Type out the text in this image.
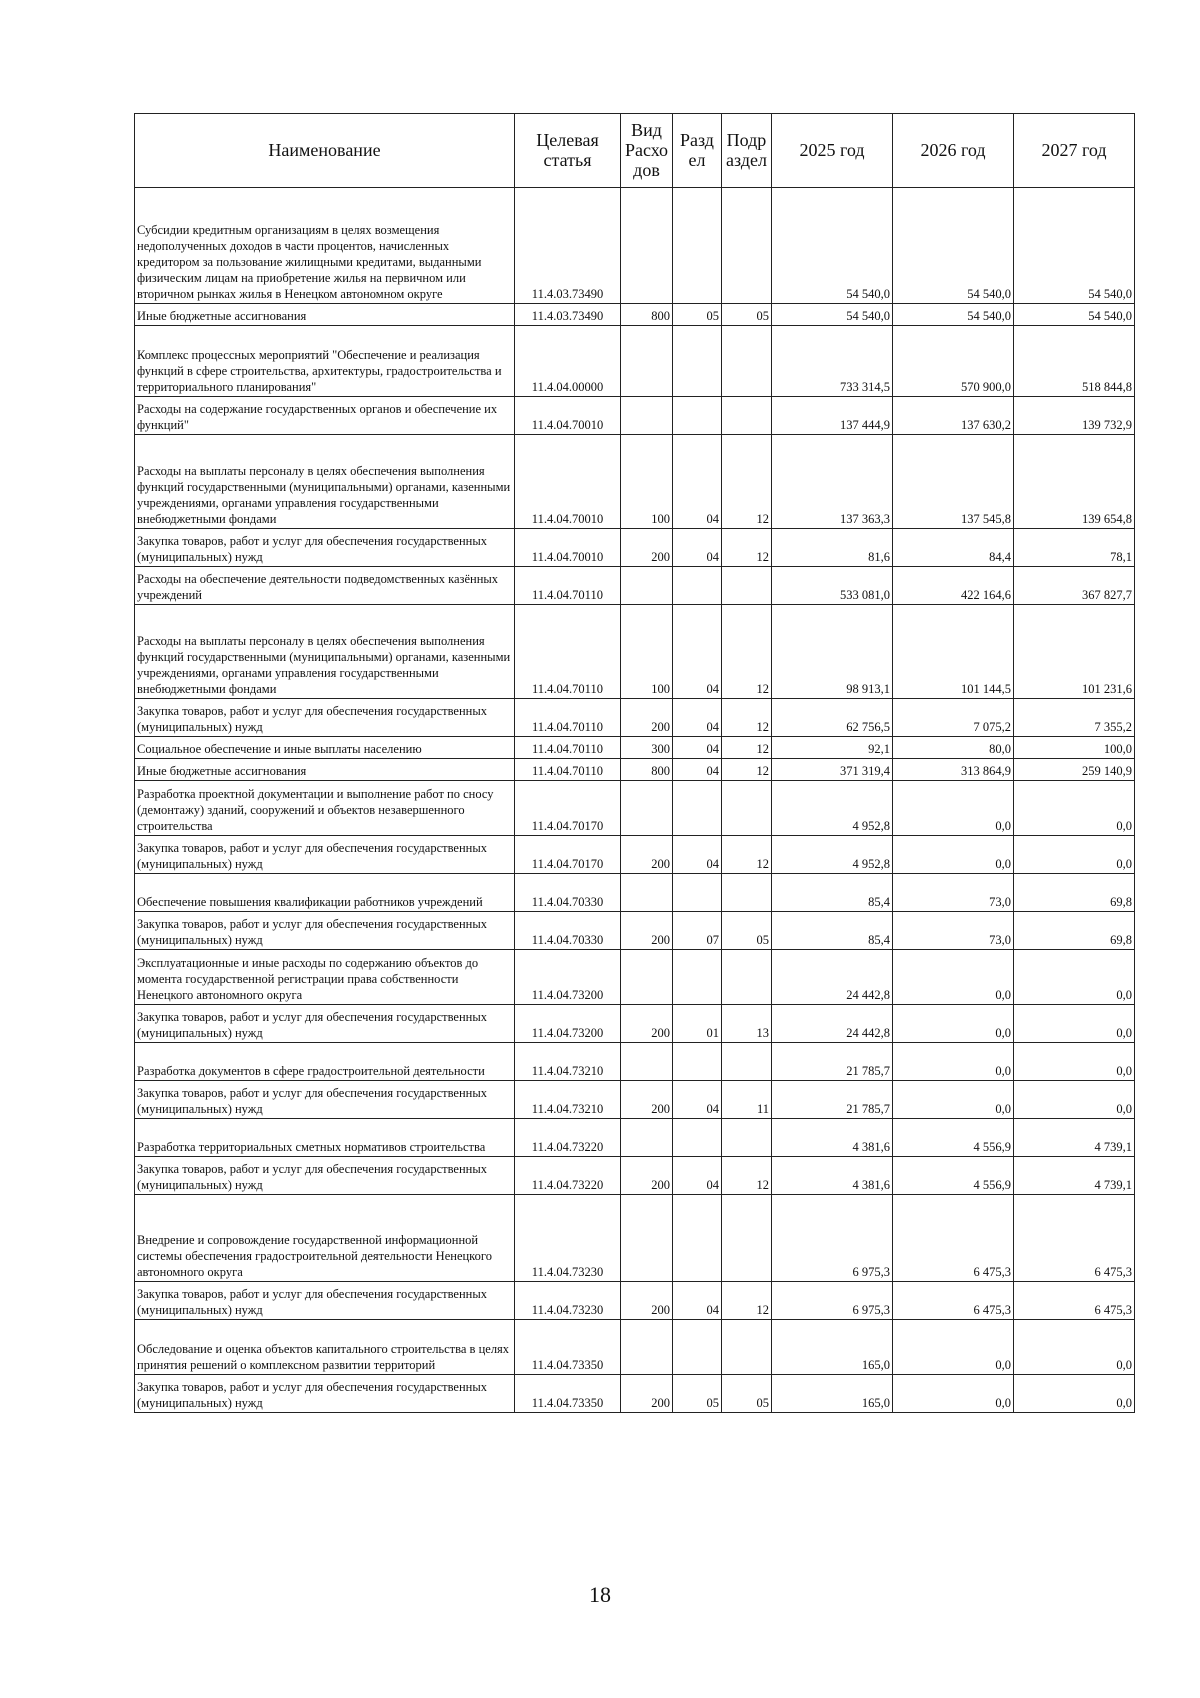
Наименование	Целевая статья	Вид Расхо дов	Разд ел	Подр аздел	2025 год	2026 год	2027 год
Субсидии кредитным организациям в целях возмещения недополученных доходов в части процентов, начисленных кредитором за пользование жилищными кредитами, выданными физическим лицам на приобретение жилья на первичном или вторичном рынках жилья в Ненецком автономном округе	11.4.03.73490				54 540,0	54 540,0	54 540,0
Иные бюджетные ассигнования	11.4.03.73490	800	05	05	54 540,0	54 540,0	54 540,0
Комплекс процессных мероприятий "Обеспечение и реализация функций в сфере строительства, архитектуры, градостроительства и территориального планирования"	11.4.04.00000				733 314,5	570 900,0	518 844,8
Расходы на содержание государственных органов и обеспечение их функций"	11.4.04.70010				137 444,9	137 630,2	139 732,9
Расходы на выплаты персоналу в целях обеспечения выполнения функций государственными (муниципальными) органами, казенными учреждениями, органами управления государственными внебюджетными фондами	11.4.04.70010	100	04	12	137 363,3	137 545,8	139 654,8
Закупка товаров, работ и услуг для обеспечения государственных (муниципальных) нужд	11.4.04.70010	200	04	12	81,6	84,4	78,1
Расходы на обеспечение деятельности подведомственных казённых учреждений	11.4.04.70110				533 081,0	422 164,6	367 827,7
Расходы на выплаты персоналу в целях обеспечения выполнения функций государственными (муниципальными) органами, казенными учреждениями, органами управления государственными внебюджетными фондами	11.4.04.70110	100	04	12	98 913,1	101 144,5	101 231,6
Закупка товаров, работ и услуг для обеспечения государственных (муниципальных) нужд	11.4.04.70110	200	04	12	62 756,5	7 075,2	7 355,2
Социальное обеспечение и иные выплаты населению	11.4.04.70110	300	04	12	92,1	80,0	100,0
Иные бюджетные ассигнования	11.4.04.70110	800	04	12	371 319,4	313 864,9	259 140,9
Разработка проектной документации и выполнение работ по сносу (демонтажу) зданий, сооружений и объектов незавершенного строительства	11.4.04.70170				4 952,8	0,0	0,0
Закупка товаров, работ и услуг для обеспечения государственных (муниципальных) нужд	11.4.04.70170	200	04	12	4 952,8	0,0	0,0
Обеспечение повышения квалификации работников учреждений	11.4.04.70330				85,4	73,0	69,8
Закупка товаров, работ и услуг для обеспечения государственных (муниципальных) нужд	11.4.04.70330	200	07	05	85,4	73,0	69,8
Эксплуатационные и иные расходы по содержанию объектов до момента государственной регистрации права собственности Ненецкого автономного округа	11.4.04.73200				24 442,8	0,0	0,0
Закупка товаров, работ и услуг для обеспечения государственных (муниципальных) нужд	11.4.04.73200	200	01	13	24 442,8	0,0	0,0
Разработка документов в сфере градостроительной деятельности	11.4.04.73210				21 785,7	0,0	0,0
Закупка товаров, работ и услуг для обеспечения государственных (муниципальных) нужд	11.4.04.73210	200	04	11	21 785,7	0,0	0,0
Разработка территориальных сметных нормативов строительства	11.4.04.73220				4 381,6	4 556,9	4 739,1
Закупка товаров, работ и услуг для обеспечения государственных (муниципальных) нужд	11.4.04.73220	200	04	12	4 381,6	4 556,9	4 739,1
Внедрение и сопровождение государственной информационной системы обеспечения градостроительной деятельности Ненецкого автономного округа	11.4.04.73230				6 975,3	6 475,3	6 475,3
Закупка товаров, работ и услуг для обеспечения государственных (муниципальных) нужд	11.4.04.73230	200	04	12	6 975,3	6 475,3	6 475,3
Обследование и оценка объектов капитального строительства в целях принятия решений о комплексном развитии территорий	11.4.04.73350				165,0	0,0	0,0
Закупка товаров, работ и услуг для обеспечения государственных (муниципальных) нужд	11.4.04.73350	200	05	05	165,0	0,0	0,0
18
